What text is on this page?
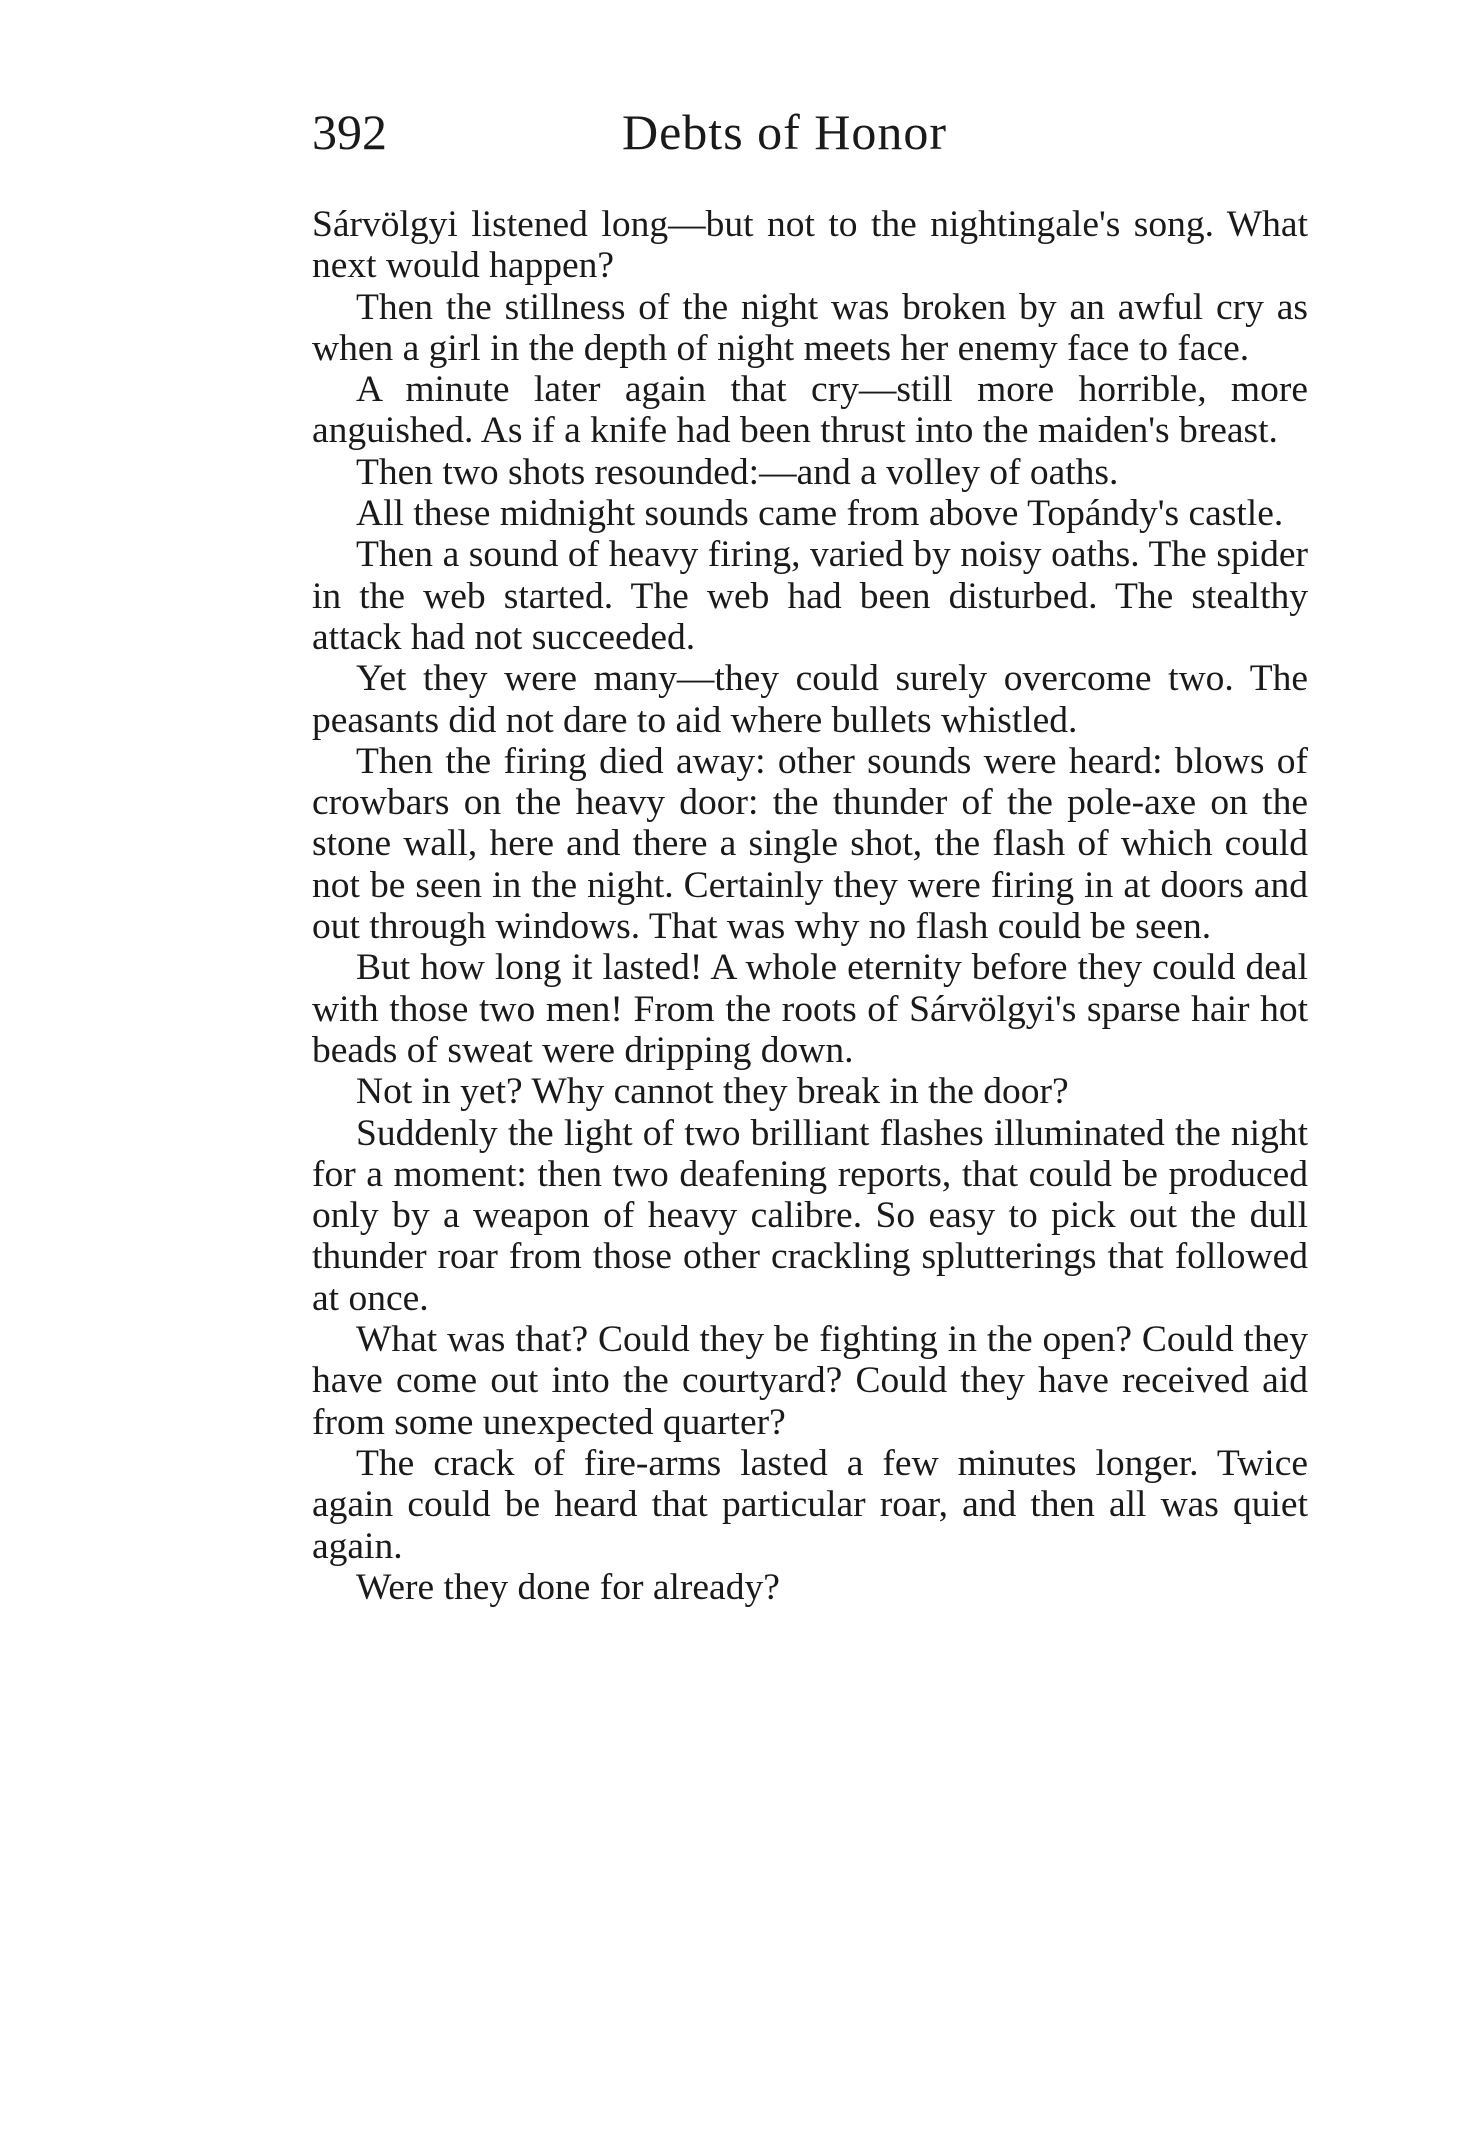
392	Debts of Honor

Sárvölgyi listened long—but not to the nightingale's song. What next would happen?

Then the stillness of the night was broken by an awful cry as when a girl in the depth of night meets her enemy face to face.

A minute later again that cry—still more horrible, more anguished. As if a knife had been thrust into the maiden's breast.

Then two shots resounded:—and a volley of oaths.

All these midnight sounds came from above Topándy's castle.

Then a sound of heavy firing, varied by noisy oaths. The spider in the web started. The web had been disturbed. The stealthy attack had not succeeded.

Yet they were many—they could surely overcome two. The peasants did not dare to aid where bullets whistled.

Then the firing died away: other sounds were heard: blows of crowbars on the heavy door: the thunder of the pole-axe on the stone wall, here and there a single shot, the flash of which could not be seen in the night. Certainly they were firing in at doors and out through windows. That was why no flash could be seen.

But how long it lasted! A whole eternity before they could deal with those two men! From the roots of Sárvölgyi's sparse hair hot beads of sweat were dripping down.

Not in yet? Why cannot they break in the door?

Suddenly the light of two brilliant flashes illuminated the night for a moment: then two deafening reports, that could be produced only by a weapon of heavy calibre. So easy to pick out the dull thunder roar from those other crackling splutterings that followed at once.

What was that? Could they be fighting in the open? Could they have come out into the courtyard? Could they have received aid from some unexpected quarter?

The crack of fire-arms lasted a few minutes longer. Twice again could be heard that particular roar, and then all was quiet again.

Were they done for already?
